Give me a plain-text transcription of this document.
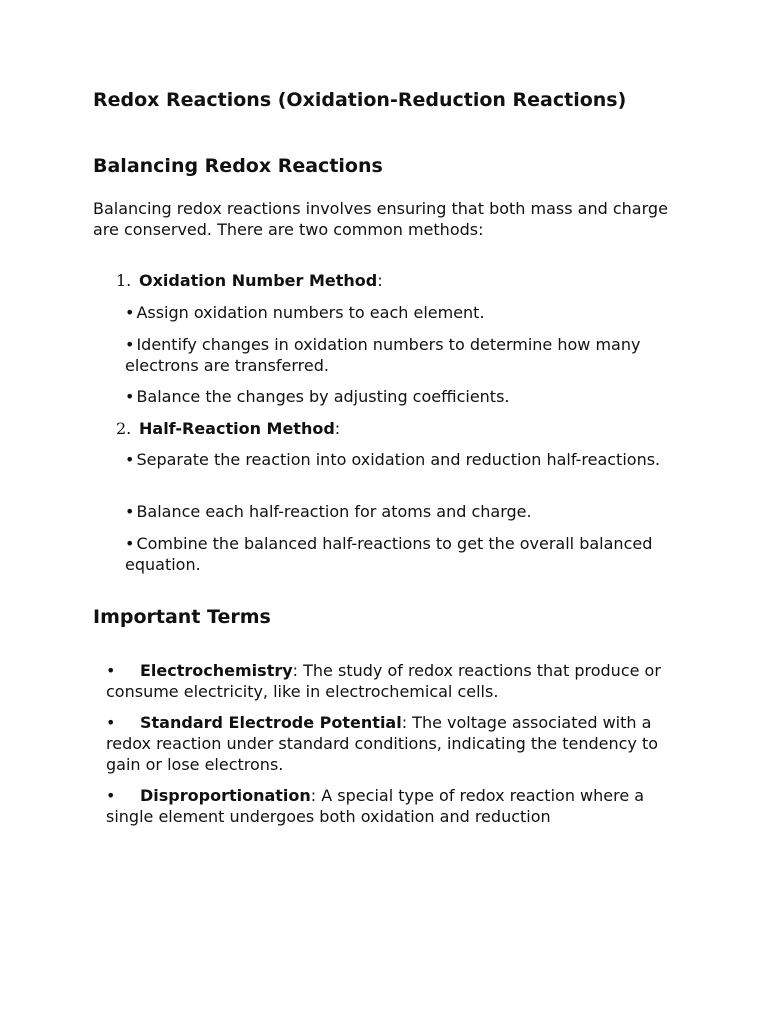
Redox Reactions (Oxidation-Reduction Reactions)
Balancing Redox Reactions

Balancing redox reactions involves ensuring that both mass and charge are conserved. There are two common methods:

1. Oxidation Number Method:
• Assign oxidation numbers to each element.
• Identify changes in oxidation numbers to determine how many electrons are transferred.
• Balance the changes by adjusting coefficients.
2. Half-Reaction Method:
• Separate the reaction into oxidation and reduction half-reactions.
• Balance each half-reaction for atoms and charge.
• Combine the balanced half-reactions to get the overall balanced equation.
Important Terms
• Electrochemistry: The study of redox reactions that produce or consume electricity, like in electrochemical cells.
• Standard Electrode Potential: The voltage associated with a redox reaction under standard conditions, indicating the tendency to gain or lose electrons.
• Disproportionation: A special type of redox reaction where a single element undergoes both oxidation and reduction
